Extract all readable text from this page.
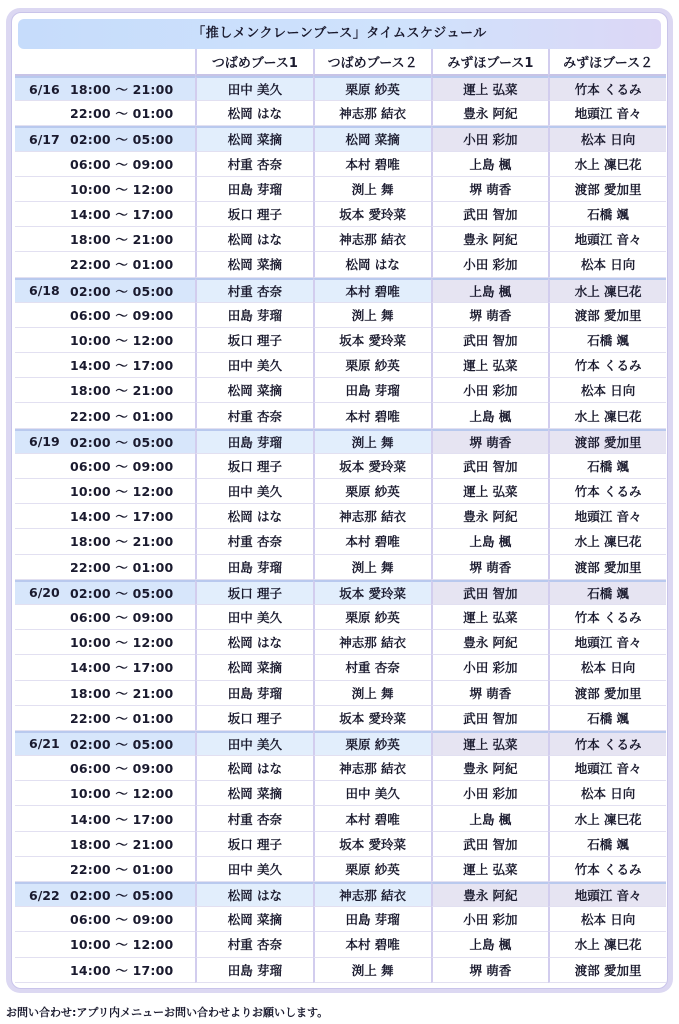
「推しメンクレーンブース」タイムスケジュール
		つばめブース1	つばめブース２	みずほブース1	みずほブース２
6/16	18:00 ～ 21:00	田中 美久	栗原 紗英	運上 弘菜	竹本 くるみ
	22:00 ～ 01:00	松岡 はな	神志那 結衣	豊永 阿紀	地頭江 音々
6/17	02:00 ～ 05:00	松岡 菜摘	松岡 菜摘	小田 彩加	松本 日向
	06:00 ～ 09:00	村重 杏奈	本村 碧唯	上島 楓	水上 凜巳花
	10:00 ～ 12:00	田島 芽瑠	渕上 舞	堺 萌香	渡部 愛加里
	14:00 ～ 17:00	坂口 理子	坂本 愛玲菜	武田 智加	石橋 颯
	18:00 ～ 21:00	松岡 はな	神志那 結衣	豊永 阿紀	地頭江 音々
	22:00 ～ 01:00	松岡 菜摘	松岡 はな	小田 彩加	松本 日向
6/18	02:00 ～ 05:00	村重 杏奈	本村 碧唯	上島 楓	水上 凜巳花
	06:00 ～ 09:00	田島 芽瑠	渕上 舞	堺 萌香	渡部 愛加里
	10:00 ～ 12:00	坂口 理子	坂本 愛玲菜	武田 智加	石橋 颯
	14:00 ～ 17:00	田中 美久	栗原 紗英	運上 弘菜	竹本 くるみ
	18:00 ～ 21:00	松岡 菜摘	田島 芽瑠	小田 彩加	松本 日向
	22:00 ～ 01:00	村重 杏奈	本村 碧唯	上島 楓	水上 凜巳花
6/19	02:00 ～ 05:00	田島 芽瑠	渕上 舞	堺 萌香	渡部 愛加里
	06:00 ～ 09:00	坂口 理子	坂本 愛玲菜	武田 智加	石橋 颯
	10:00 ～ 12:00	田中 美久	栗原 紗英	運上 弘菜	竹本 くるみ
	14:00 ～ 17:00	松岡 はな	神志那 結衣	豊永 阿紀	地頭江 音々
	18:00 ～ 21:00	村重 杏奈	本村 碧唯	上島 楓	水上 凜巳花
	22:00 ～ 01:00	田島 芽瑠	渕上 舞	堺 萌香	渡部 愛加里
6/20	02:00 ～ 05:00	坂口 理子	坂本 愛玲菜	武田 智加	石橋 颯
	06:00 ～ 09:00	田中 美久	栗原 紗英	運上 弘菜	竹本 くるみ
	10:00 ～ 12:00	松岡 はな	神志那 結衣	豊永 阿紀	地頭江 音々
	14:00 ～ 17:00	松岡 菜摘	村重 杏奈	小田 彩加	松本 日向
	18:00 ～ 21:00	田島 芽瑠	渕上 舞	堺 萌香	渡部 愛加里
	22:00 ～ 01:00	坂口 理子	坂本 愛玲菜	武田 智加	石橋 颯
6/21	02:00 ～ 05:00	田中 美久	栗原 紗英	運上 弘菜	竹本 くるみ
	06:00 ～ 09:00	松岡 はな	神志那 結衣	豊永 阿紀	地頭江 音々
	10:00 ～ 12:00	松岡 菜摘	田中 美久	小田 彩加	松本 日向
	14:00 ～ 17:00	村重 杏奈	本村 碧唯	上島 楓	水上 凜巳花
	18:00 ～ 21:00	坂口 理子	坂本 愛玲菜	武田 智加	石橋 颯
	22:00 ～ 01:00	田中 美久	栗原 紗英	運上 弘菜	竹本 くるみ
6/22	02:00 ～ 05:00	松岡 はな	神志那 結衣	豊永 阿紀	地頭江 音々
	06:00 ～ 09:00	松岡 菜摘	田島 芽瑠	小田 彩加	松本 日向
	10:00 ～ 12:00	村重 杏奈	本村 碧唯	上島 楓	水上 凜巳花
	14:00 ～ 17:00	田島 芽瑠	渕上 舞	堺 萌香	渡部 愛加里
お問い合わせ:アプリ内メニューお問い合わせよりお願いします。
